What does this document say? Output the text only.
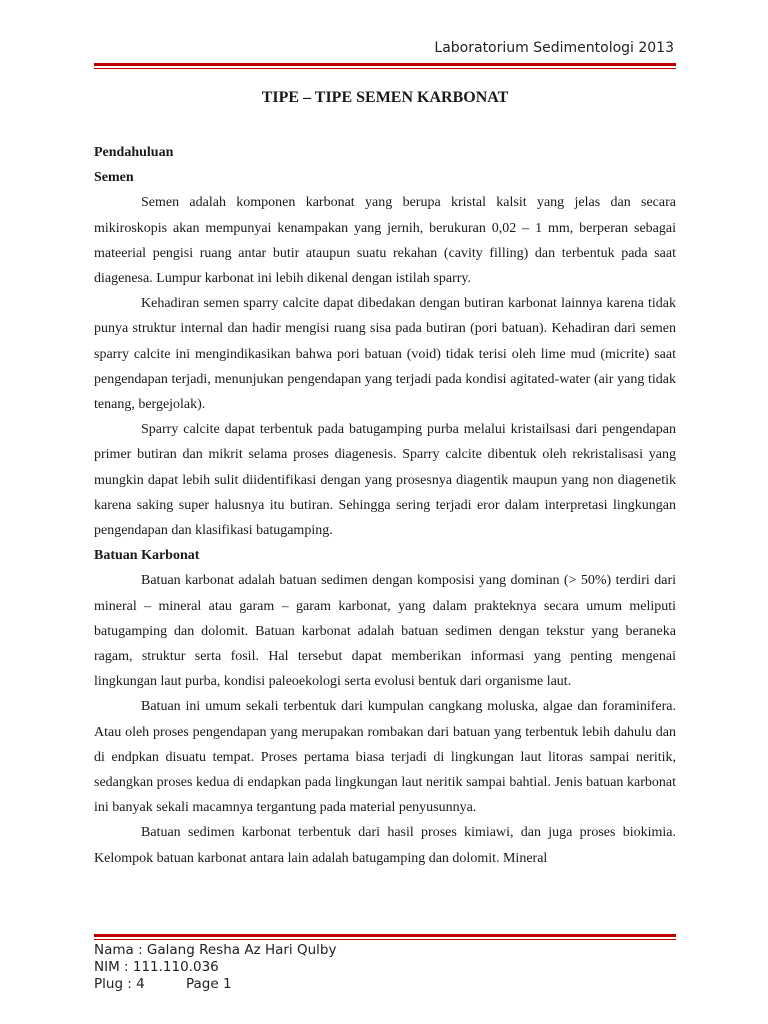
Laboratorium Sedimentologi 2013
TIPE – TIPE SEMEN KARBONAT
Pendahuluan
Semen

Semen adalah komponen karbonat yang berupa kristal kalsit yang jelas dan secara mikiroskopis akan mempunyai kenampakan yang jernih, berukuran 0,02 – 1 mm, berperan sebagai mateerial pengisi ruang antar butir ataupun suatu rekahan (cavity filling) dan terbentuk pada saat diagenesa. Lumpur karbonat ini lebih dikenal dengan istilah sparry.

Kehadiran semen sparry calcite dapat dibedakan dengan butiran karbonat lainnya karena tidak punya struktur internal dan hadir mengisi ruang sisa pada butiran (pori batuan). Kehadiran dari semen sparry calcite ini mengindikasikan bahwa pori batuan (void) tidak terisi oleh lime mud (micrite) saat pengendapan terjadi, menunjukan pengendapan yang terjadi pada kondisi agitated-water (air yang tidak tenang, bergejolak).

Sparry calcite dapat terbentuk pada batugamping purba melalui kristailsasi dari pengendapan primer butiran dan mikrit selama proses diagenesis. Sparry calcite dibentuk oleh rekristalisasi yang mungkin dapat lebih sulit diidentifikasi dengan yang prosesnya diagentik maupun yang non diagenetik karena saking super halusnya itu butiran. Sehingga sering terjadi eror dalam interpretasi lingkungan pengendapan dan klasifikasi batugamping.

Batuan Karbonat

Batuan karbonat adalah batuan sedimen dengan komposisi yang dominan (> 50%) terdiri dari mineral – mineral atau garam – garam karbonat, yang dalam prakteknya secara umum meliputi batugamping dan dolomit. Batuan karbonat adalah batuan sedimen dengan tekstur yang beraneka ragam, struktur serta fosil. Hal tersebut dapat memberikan informasi yang penting mengenai lingkungan laut purba, kondisi paleoekologi serta evolusi bentuk dari organisme laut.

Batuan ini umum sekali terbentuk dari kumpulan cangkang moluska, algae dan foraminifera. Atau oleh proses pengendapan yang merupakan rombakan dari batuan yang terbentuk lebih dahulu dan di endpkan disuatu tempat. Proses pertama biasa terjadi di lingkungan laut litoras sampai neritik, sedangkan proses kedua di endapkan pada lingkungan laut neritik sampai bahtial. Jenis batuan karbonat ini banyak sekali macamnya tergantung pada material penyusunnya.

Batuan sedimen karbonat terbentuk dari hasil proses kimiawi, dan juga proses biokimia. Kelompok batuan karbonat antara lain adalah batugamping dan dolomit. Mineral

Nama : Galang Resha Az Hari Qulby
NIM : 111.110.036
Plug : 4	Page 1
